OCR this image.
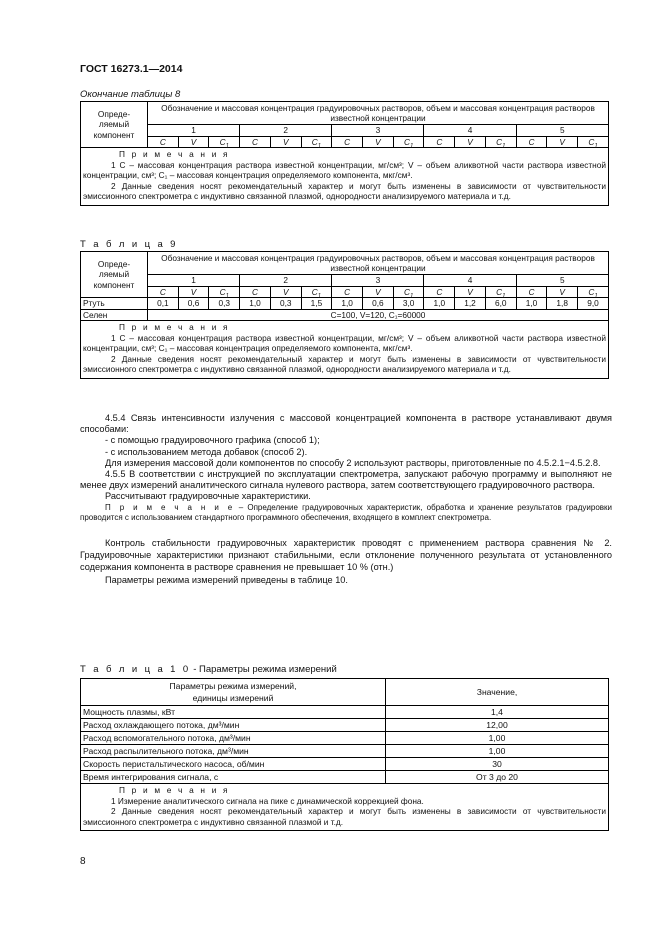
ГОСТ 16273.1—2014
Окончание таблицы 8
Опреде-
ляемый
компонент	Обозначение и массовая концентрация градуировочных растворов, объем и массовая концентрация растворов известной концентрации														
	1			2			3			4			5		
	C	V	$C_1$	C	V	$C_1$	C	V	$C_1$	C	V	$C_1$	C	V	$C_1$

П р и м е ч а н и я

1 C – массовая концентрация раствора известной концентрации, мг/см³; V – объем аликвотной части раствора известной концентрации, см³; C₁ – массовая концентрация определяемого компонента, мкг/см³.

2 Данные сведения носят рекомендательный характер и могут быть изменены в зависимости от чувствительности эмиссионного спектрометра с индуктивно связанной плазмой, однородности анализируемого материала и т.д.															

Т а б л и ц а 9
Опреде-
ляемый
компонент	Обозначение и массовая концентрация градуировочных растворов, объем и массовая концентрация растворов известной концентрации														
	1			2			3			4			5		
	C	V	$C_1$	C	V	$C_1$	C	V	$C_1$	C	V	$C_1$	C	V	$C_1$
Ртуть	0,1	0,6	0,3	1,0	0,3	1,5	1,0	0,6	3,0	1,0	1,2	6,0	1,0	1,8	9,0
Селен	C=100, V=120, C₁=60000														

П р и м е ч а н и я

1 C – массовая концентрация раствора известной концентрации, мг/см³; V – объем аликвотной части раствора известной концентрации, см³; C₁ – массовая концентрация определяемого компонента, мкг/см³.

2 Данные сведения носят рекомендательный характер и могут быть изменены в зависимости от чувствительности эмиссионного спектрометра с индуктивно связанной плазмой, однородности анализируемого материала и т.д.															

4.5.4 Связь интенсивности излучения с массовой концентрацией компонента в растворе устанавливают двумя способами:

- с помощью градуировочного графика (способ 1);

- с использованием метода добавок (способ 2).

Для измерения массовой доли компонентов по способу 2 используют растворы, приготовленные по 4.5.2.1−4.5.2.8.

4.5.5 В соответствии с инструкцией по эксплуатации спектрометра, запускают рабочую программу и выполняют не менее двух измерений аналитического сигнала нулевого раствора, затем соответствующего градуировочного раствора.

Рассчитывают градуировочные характеристики.

П р и м е ч а н и е – Определение градуировочных характеристик, обработка и хранение результатов градуировки проводится с использованием стандартного программного обеспечения, входящего в комплект спектрометра.

Контроль стабильности градуировочных характеристик проводят с применением раствора сравнения № 2. Градуировочные характеристики признают стабильными, если отклонение полученного результата от установленного содержания компонента в растворе сравнения не превышает 10 % (отн.)

Параметры режима измерений приведены в таблице 10.

Т а б л и ц а 1 0 - Параметры режима измерений
Параметры режима измерений,
единицы измерений	Значение,
Мощность плазмы, кВт	1,4
Расход охлаждающего потока, дм³/мин	12,00
Расход вспомогательного потока, дм³/мин	1,00
Расход распылительного потока, дм³/мин	1,00
Скорость перистальтического насоса, об/мин	30
Время интегрирования сигнала, с	От 3 до 20

П р и м е ч а н и я

1 Измерение аналитического сигнала на пике с динамической коррекцией фона.

2 Данные сведения носят рекомендательный характер и могут быть изменены в зависимости от чувствительности эмиссионного спектрометра с индуктивно связанной плазмой и т.д.	

8
